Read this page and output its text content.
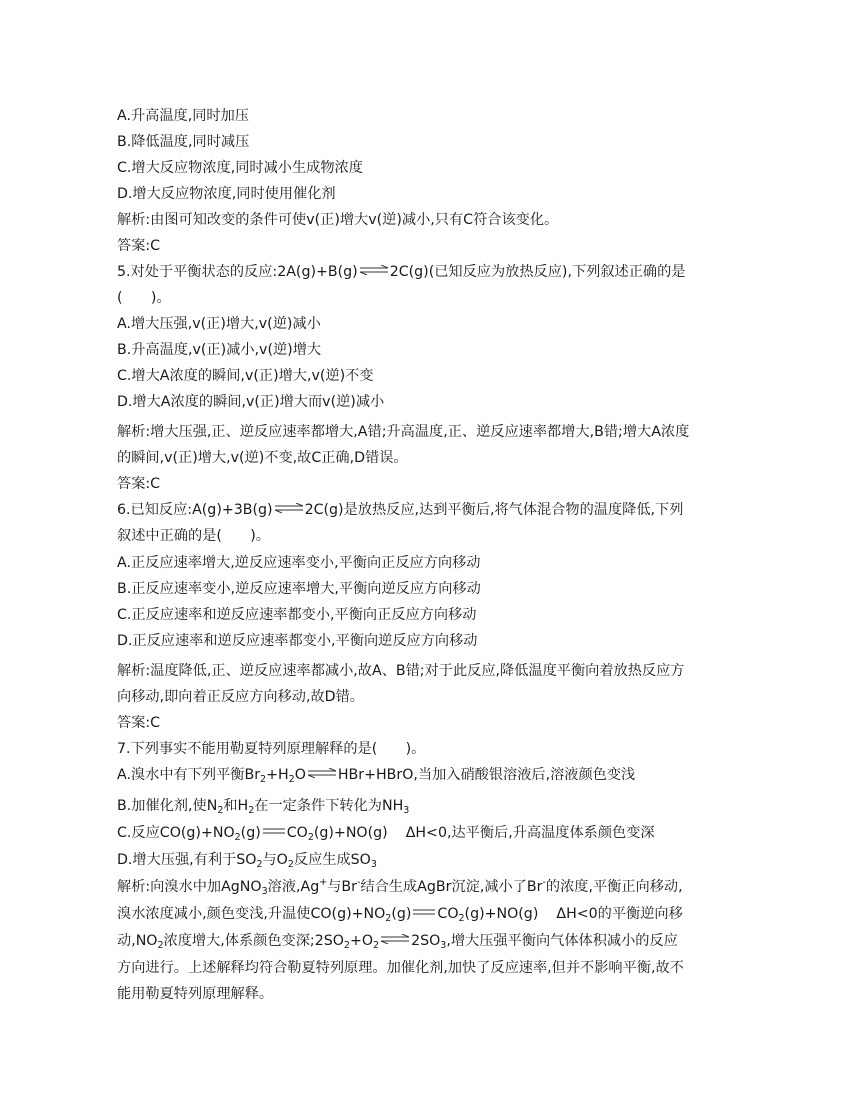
A.升高温度,同时加压
B.降低温度,同时减压
C.增大反应物浓度,同时减小生成物浓度
D.增大反应物浓度,同时使用催化剂
解析:由图可知改变的条件可使v(正)增大v(逆)减小,只有C符合该变化。
答案:C
5.对处于平衡状态的反应:2A(g)+B(g)⇌2C(g)(已知反应为放热反应),下列叙述正确的是
(　　)。
A.增大压强,v(正)增大,v(逆)减小
B.升高温度,v(正)减小,v(逆)增大
C.增大A浓度的瞬间,v(正)增大,v(逆)不变
D.增大A浓度的瞬间,v(正)增大而v(逆)减小
解析:增大压强,正、逆反应速率都增大,A错;升高温度,正、逆反应速率都增大,B错;增大A浓度
的瞬间,v(正)增大,v(逆)不变,故C正确,D错误。
答案:C
6.已知反应:A(g)+3B(g)⇌2C(g)是放热反应,达到平衡后,将气体混合物的温度降低,下列
叙述中正确的是(　　)。
A.正反应速率增大,逆反应速率变小,平衡向正反应方向移动
B.正反应速率变小,逆反应速率增大,平衡向逆反应方向移动
C.正反应速率和逆反应速率都变小,平衡向正反应方向移动
D.正反应速率和逆反应速率都变小,平衡向逆反应方向移动
解析:温度降低,正、逆反应速率都减小,故A、B错;对于此反应,降低温度平衡向着放热反应方
向移动,即向着正反应方向移动,故D错。
答案:C
7.下列事实不能用勒夏特列原理解释的是(　　)。
A.溴水中有下列平衡$Br_2+H_2O\rightleftharpoons HBr+HBrO$,当加入硝酸银溶液后,溶液颜色变浅
B.加催化剂,使$N_2$和$H_2$在一定条件下转化为$NH_3$
C.反应$CO(g)+NO_2(g)$ $CO_2(g)+NO(g)$ ΔH<0,达平衡后,升高温度体系颜色变深
D.增大压强,有利于$SO_2$与$O_2$反应生成$SO_3$
解析:向溴水中加AgNO$_3$溶液,Ag+与Br-结合生成AgBr沉淀,减小了Br-的浓度,平衡正向移动,
溴水浓度减小,颜色变浅,升温使$CO(g)+NO_2(g)$ $CO_2(g)+NO(g)$ ΔH<0的平衡逆向移
动$,NO_2$浓度增大,体系颜色变深$;2SO_2+O_2$ $\rightleftharpoons 2SO_3$,增大压强平衡向气体体积减小的反应
方向进行。上述解释均符合勒夏特列原理。加催化剂,加快了反应速率,但并不影响平衡,故不
能用勒夏特列原理解释。
